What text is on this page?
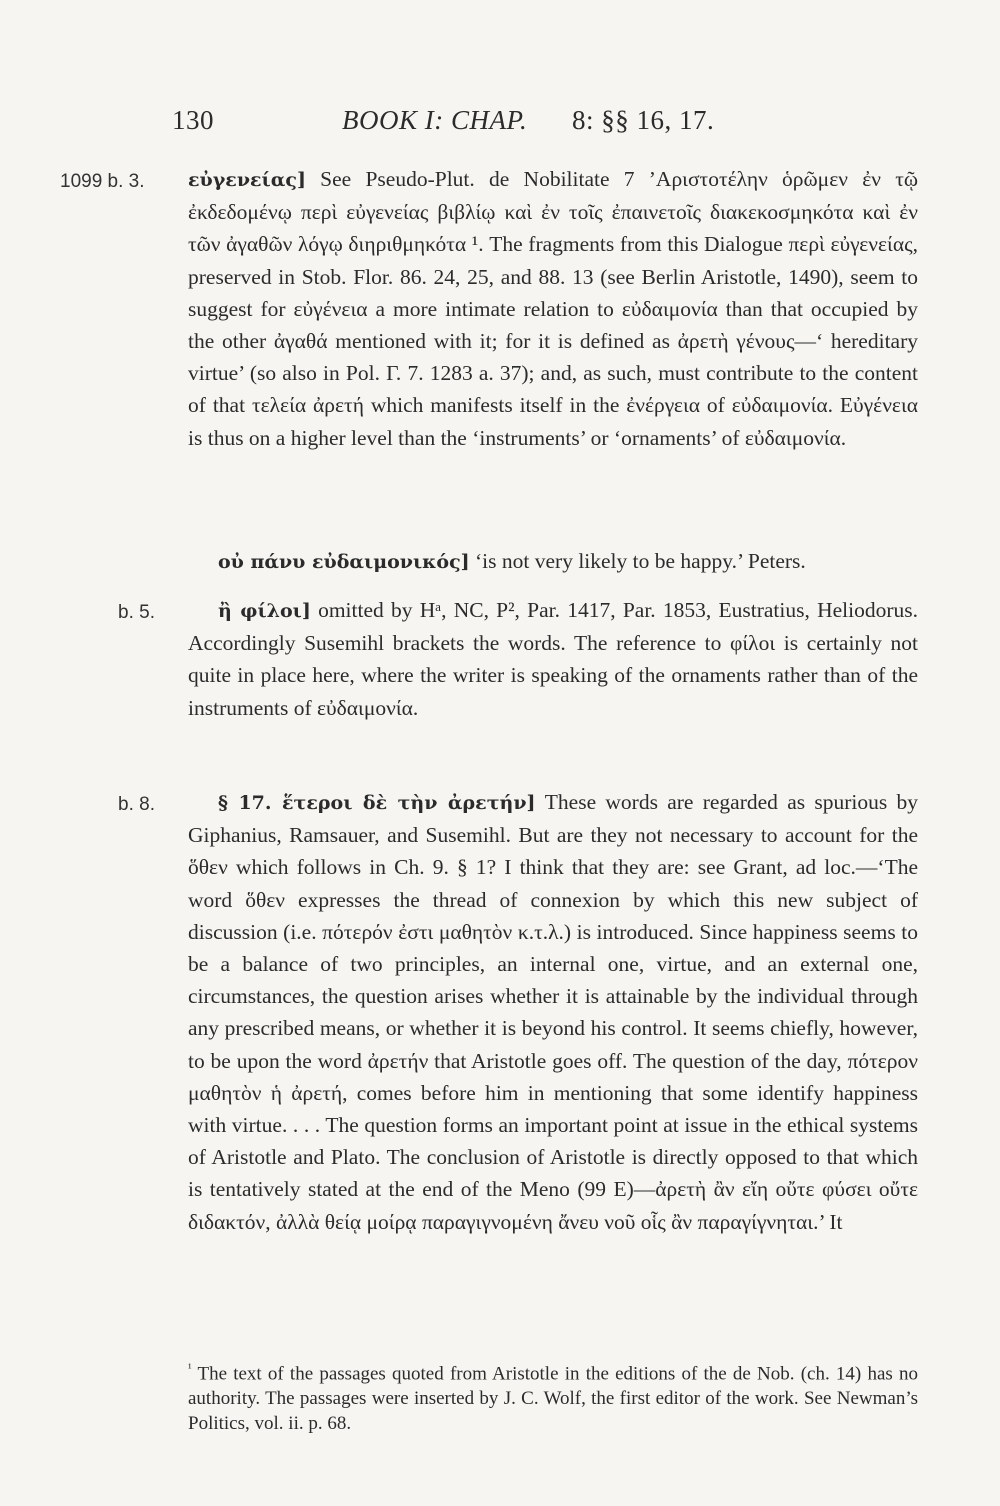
130	BOOK I: CHAP. 8: §§ 16, 17.
1099 b. 3. εὐγενείας] See Pseudo-Plut. de Nobilitate 7 ’Αριστοτέλην ὁρῶμεν ἐν τῷ ἐκδεδομένῳ περὶ εὐγενείας βιβλίῳ καὶ ἐν τοῖς ἐπαινετοῖς διακεκοσμηκότα καὶ ἐν τῶν ἀγαθῶν λόγῳ διηριθμηκότα ¹. The fragments from this Dialogue περὶ εὐγενείας, preserved in Stob. Flor. 86. 24, 25, and 88. 13 (see Berlin Aristotle, 1490), seem to suggest for εὐγένεια a more intimate relation to εὐδαιμονία than that occupied by the other ἀγαθά mentioned with it; for it is defined as ἀρετὴ γένους—‘ hereditary virtue’ (so also in Pol. Γ. 7. 1283 a. 37); and, as such, must contribute to the content of that τελεία ἀρετή which manifests itself in the ἐνέργεια of εὐδαιμονία. Εὐγένεια is thus on a higher level than the ‘instruments’ or ‘ornaments’ of εὐδαιμονία.
οὐ πάνυ εὐδαιμονικός] ‘is not very likely to be happy.’ Peters.
b. 5.	ἢ φίλοι] omitted by Hᵃ, NC, P², Par. 1417, Par. 1853, Eustratius, Heliodorus. Accordingly Susemihl brackets the words. The reference to φίλοι is certainly not quite in place here, where the writer is speaking of the ornaments rather than of the instruments of εὐδαιμονία.
b. 8.	§ 17. ἕτεροι δὲ τὴν ἀρετήν] These words are regarded as spurious by Giphanius, Ramsauer, and Susemihl. But are they not necessary to account for the ὅθεν which follows in Ch. 9. § 1? I think that they are: see Grant, ad loc.—‘The word ὅθεν expresses the thread of connexion by which this new subject of discussion (i.e. πότερόν ἐστι μαθητὸν κ.τ.λ.) is introduced. Since happiness seems to be a balance of two principles, an internal one, virtue, and an external one, circumstances, the question arises whether it is attainable by the individual through any prescribed means, or whether it is beyond his control. It seems chiefly, however, to be upon the word ἀρετήν that Aristotle goes off. The question of the day, πότερον μαθητὸν ἡ ἀρετή, comes before him in mentioning that some identify happiness with virtue. . . . The question forms an important point at issue in the ethical systems of Aristotle and Plato. The conclusion of Aristotle is directly opposed to that which is tentatively stated at the end of the Meno (99 E)—ἀρετὴ ἂν εἴη οὔτε φύσει οὔτε διδακτόν, ἀλλὰ θείᾳ μοίρᾳ παραγιγνομένη ἄνευ νοῦ οἷς ἂν παραγίγνηται.’ It
$^{^1}$ The text of the passages quoted from Aristotle in the editions of the de Nob. (ch. 14) has no authority. The passages were inserted by J. C. Wolf, the first editor of the work. See Newman’s Politics, vol. ii. p. 68.
